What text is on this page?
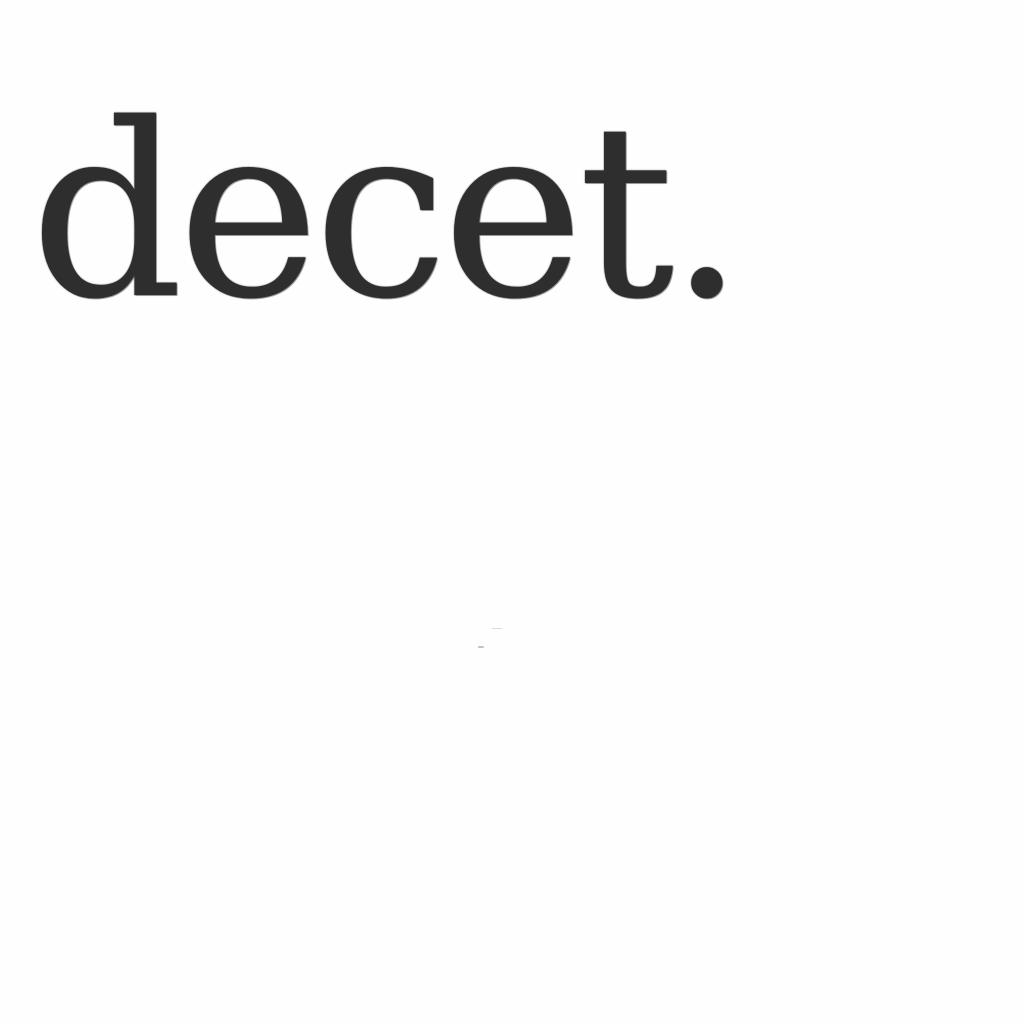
decet.
